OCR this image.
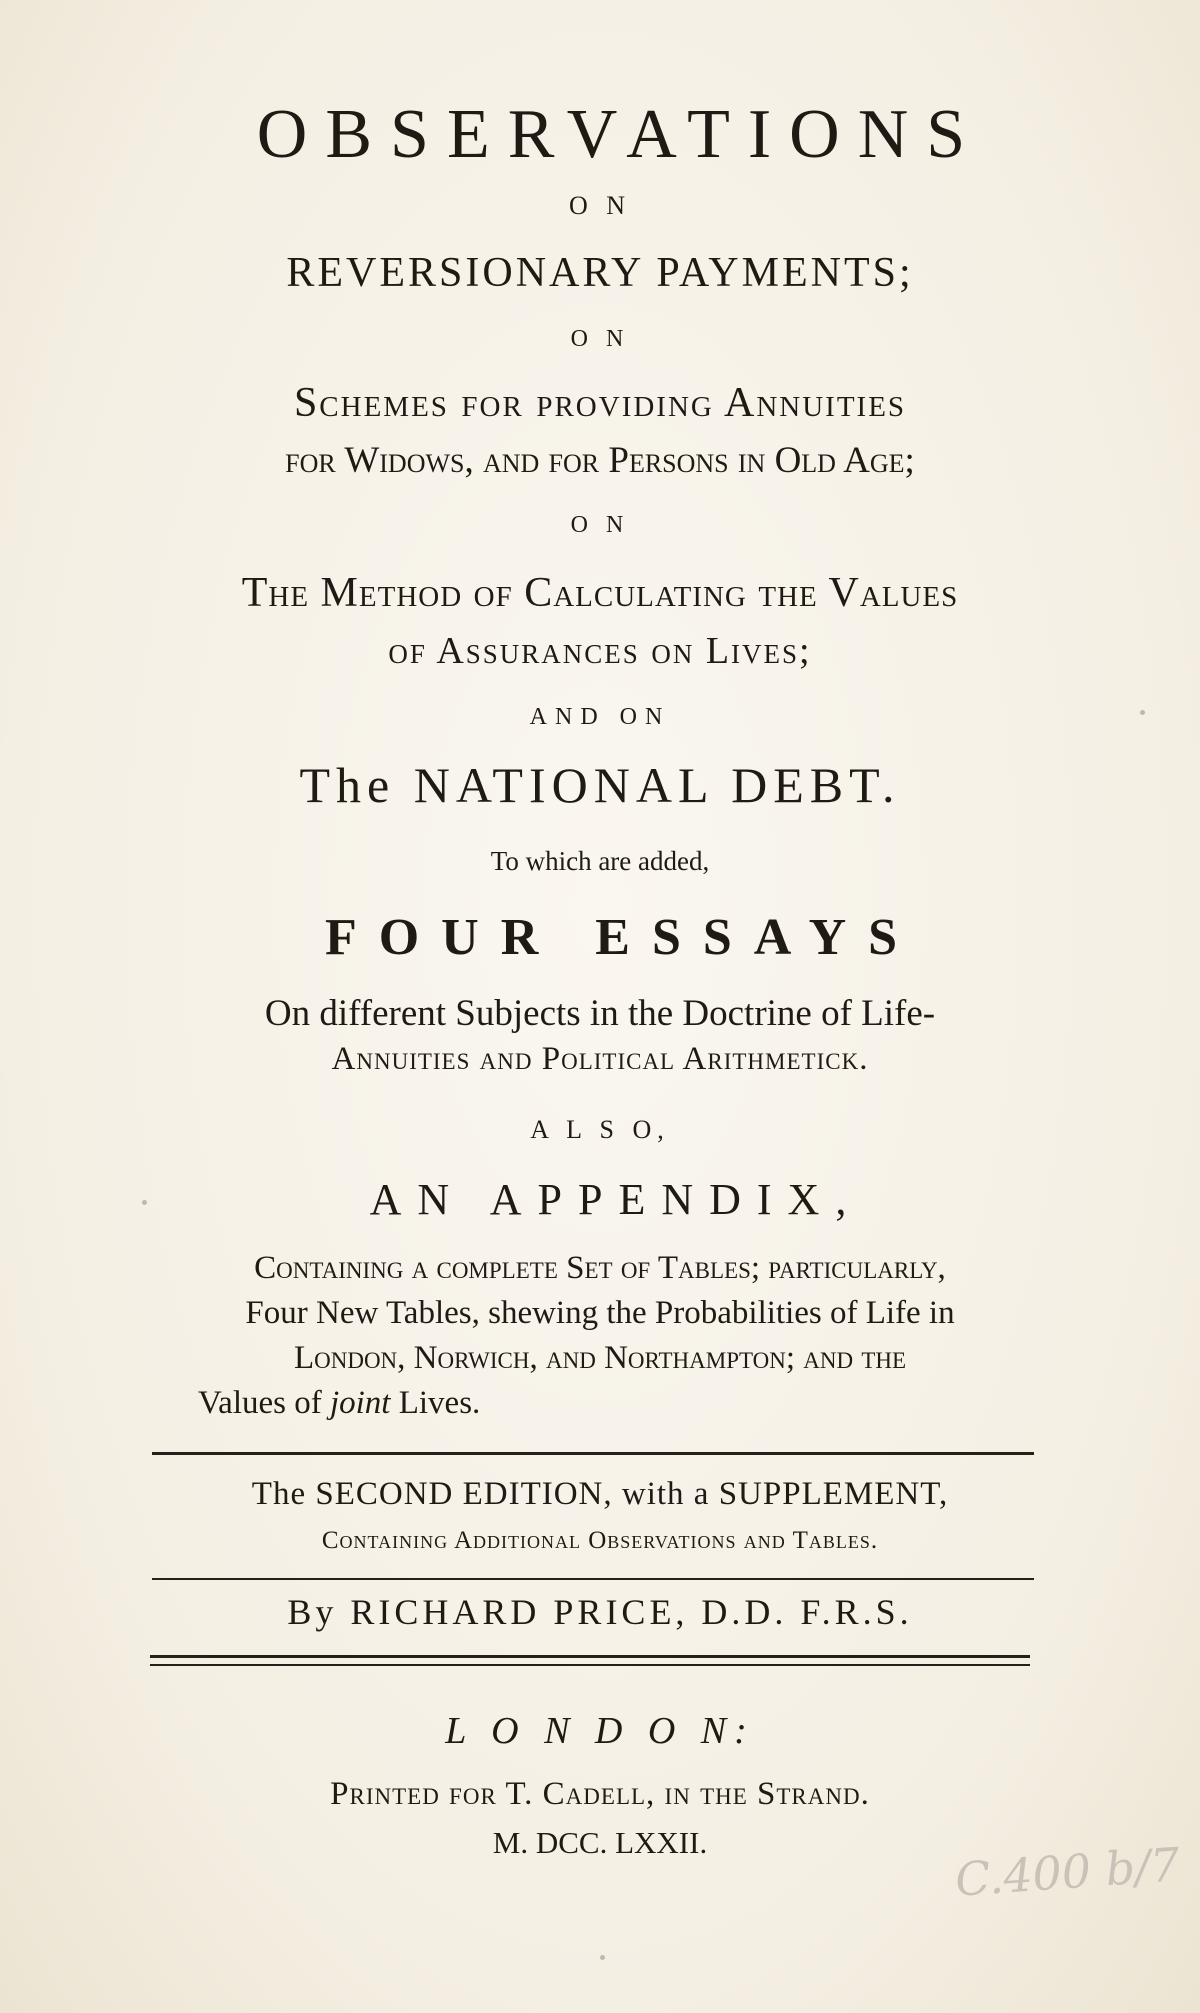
OBSERVATIONS
O N
REVERSIONARY PAYMENTS;
O N
Schemes for providing Annuities
for Widows, and for Persons in Old Age;
O N
The Method of Calculating the Values
of Assurances on Lives;
AND ON
The NATIONAL DEBT.
To which are added,
FOUR ESSAYS
On different Subjects in the Doctrine of Life-
Annuities and Political Arithmetick.
A L S O,
AN APPENDIX,
Containing a complete Set of Tables; particularly,
Four New Tables, shewing the Probabilities of Life in
London, Norwich, and Northampton; and the
Values of joint Lives.
The SECOND EDITION, with a SUPPLEMENT,
Containing Additional Observations and Tables.
By RICHARD PRICE, D.D. F.R.S.
L O N D O N:
Printed for T. Cadell, in the Strand.
M. DCC. LXXII.	C.400 b/7
